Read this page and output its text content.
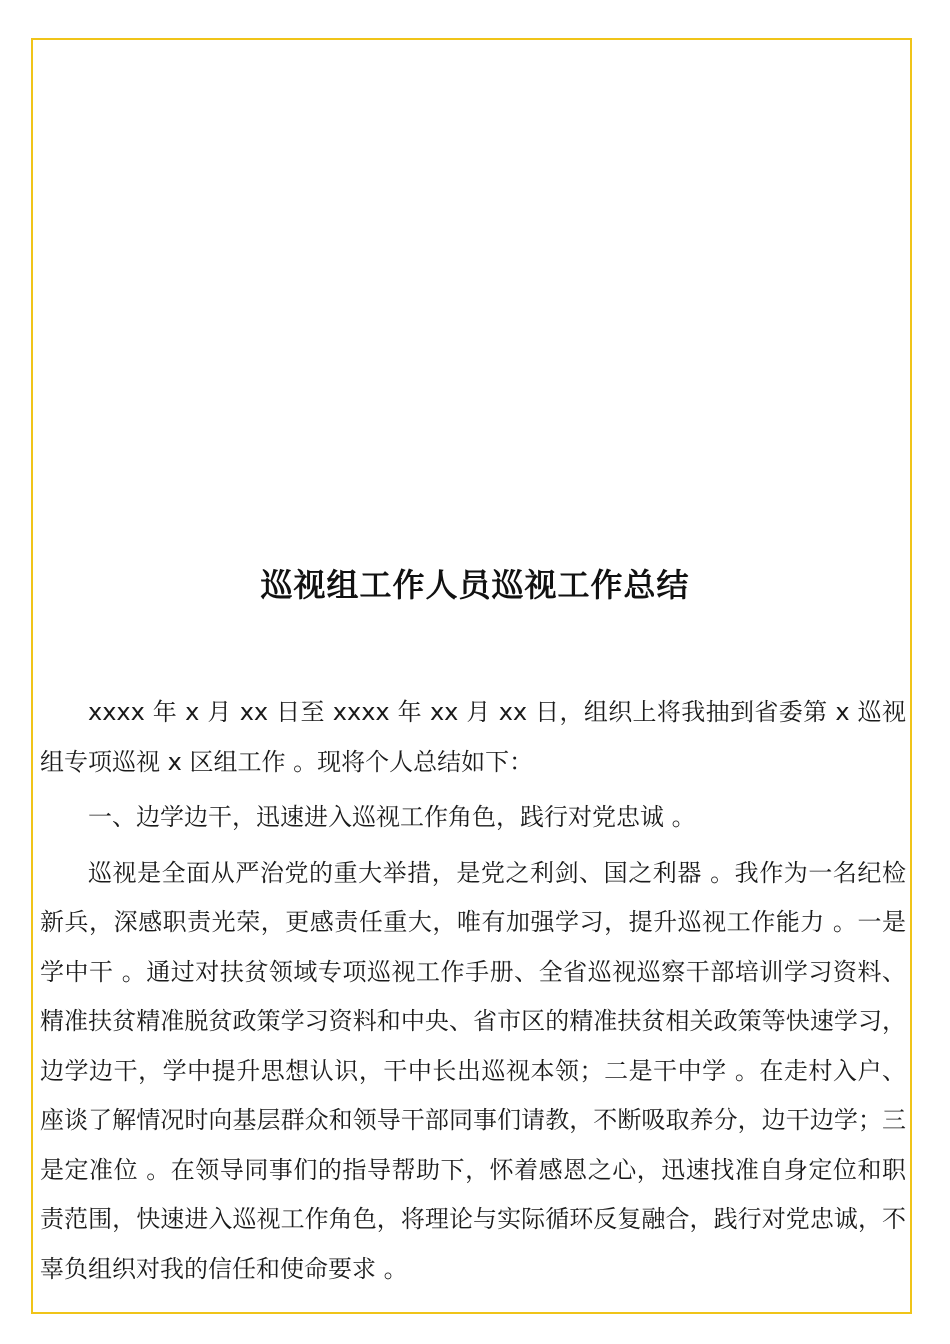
巡视组工作人员巡视工作总结

xxxx 年 x 月 xx 日至 xxxx 年 xx 月 xx 日，组织上将我抽到省委第 x 巡视组专项巡视 x 区组工作 。现将个人总结如下：

一、边学边干，迅速进入巡视工作角色，践行对党忠诚 。

巡视是全面从严治党的重大举措，是党之利剑、国之利器 。我作为一名纪检新兵，深感职责光荣，更感责任重大，唯有加强学习，提升巡视工作能力 。一是学中干 。通过对扶贫领域专项巡视工作手册、全省巡视巡察干部培训学习资料、精准扶贫精准脱贫政策学习资料和中央、省市区的精准扶贫相关政策等快速学习，边学边干，学中提升思想认识，干中长出巡视本领；二是干中学 。在走村入户、座谈了解情况时向基层群众和领导干部同事们请教，不断吸取养分，边干边学；三是定准位 。在领导同事们的指导帮助下，怀着感恩之心，迅速找准自身定位和职责范围，快速进入巡视工作角色，将理论与实际循环反复融合，践行对党忠诚，不辜负组织对我的信任和使命要求 。
